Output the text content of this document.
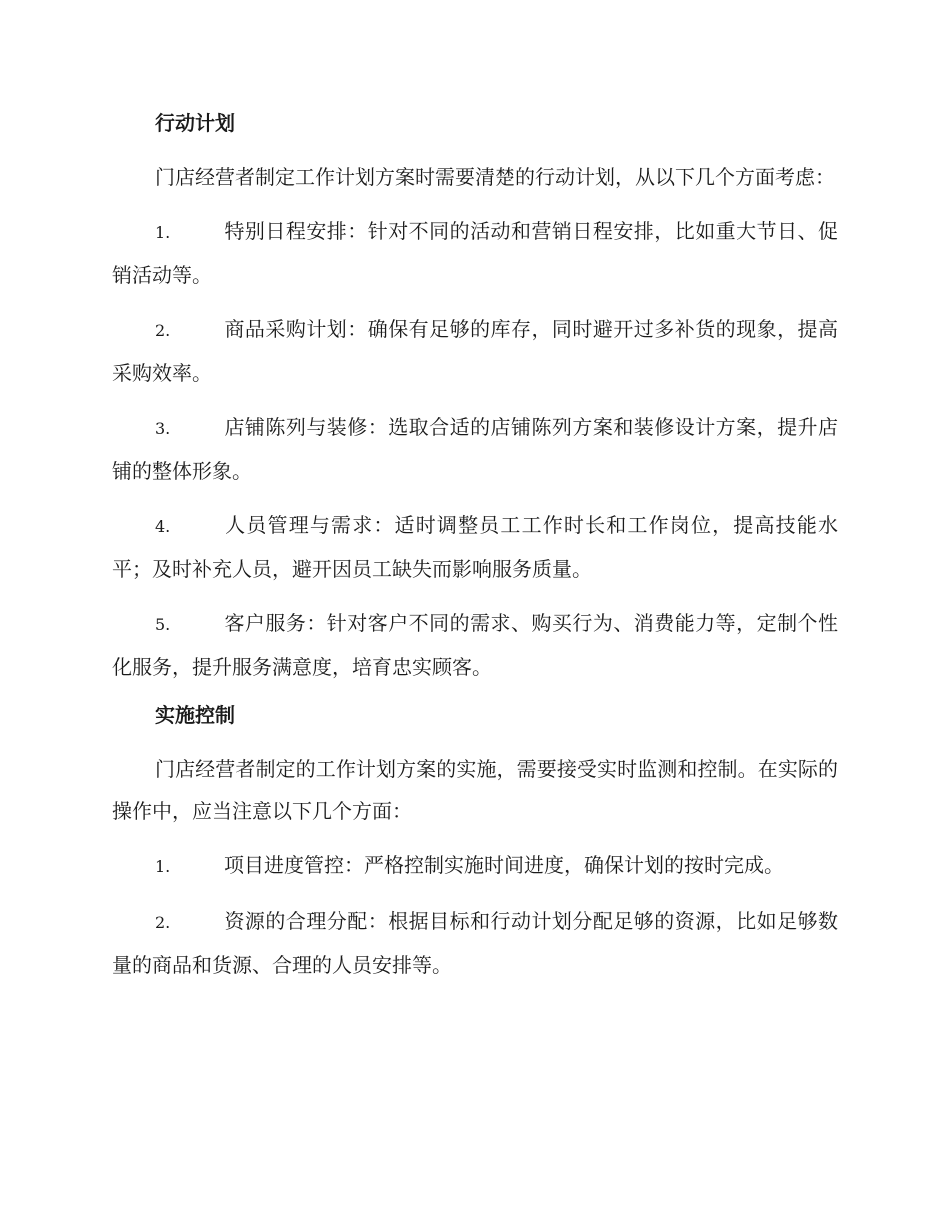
行动计划

门店经营者制定工作计划方案时需要清楚的行动计划，从以下几个方面考虑：

1.	特别日程安排：针对不同的活动和营销日程安排，比如重大节日、促销活动等。

2.	商品采购计划：确保有足够的库存，同时避开过多补货的现象，提高采购效率。

3.	店铺陈列与装修：选取合适的店铺陈列方案和装修设计方案，提升店铺的整体形象。

4.	人员管理与需求：适时调整员工工作时长和工作岗位，提高技能水平；及时补充人员，避开因员工缺失而影响服务质量。

5.	客户服务：针对客户不同的需求、购买行为、消费能力等，定制个性化服务，提升服务满意度，培育忠实顾客。

实施控制

门店经营者制定的工作计划方案的实施，需要接受实时监测和控制。在实际的操作中，应当注意以下几个方面：

1.	项目进度管控：严格控制实施时间进度，确保计划的按时完成。

2.	资源的合理分配：根据目标和行动计划分配足够的资源，比如足够数量的商品和货源、合理的人员安排等。
